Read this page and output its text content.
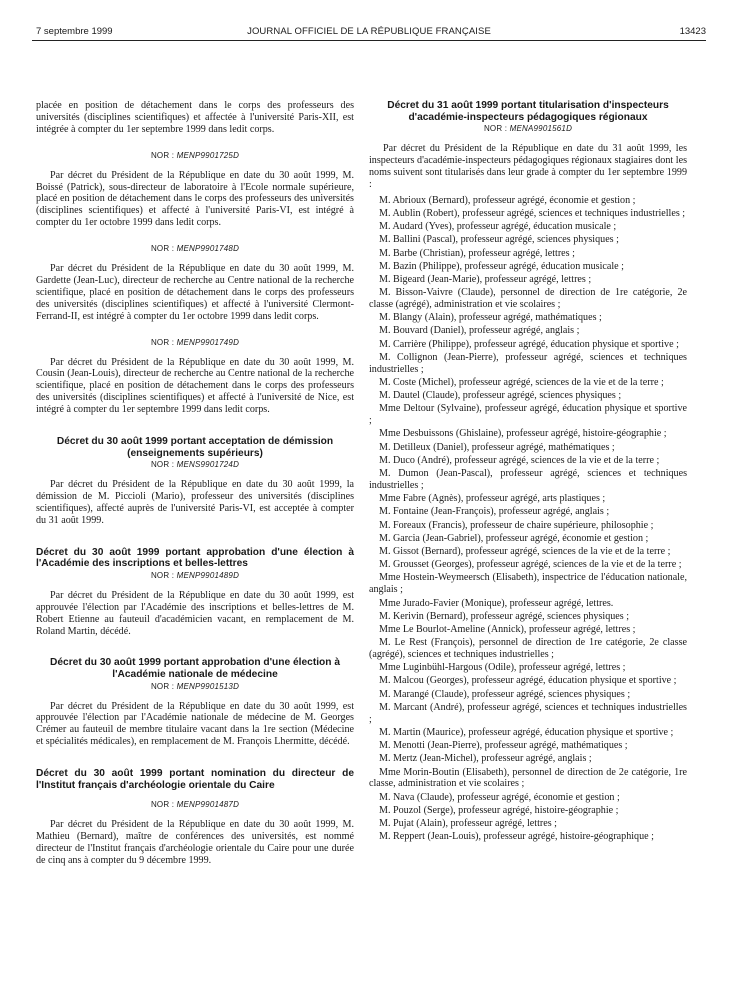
7 septembre 1999	JOURNAL OFFICIEL DE LA RÉPUBLIQUE FRANÇAISE	13423

placée en position de détachement dans le corps des professeurs des universités (disciplines scientifiques) et affectée à l'université Paris-XII, est intégrée à compter du 1er septembre 1999 dans ledit corps.

NOR : MENP9901725D

Par décret du Président de la République en date du 30 août 1999, M. Boissé (Patrick), sous-directeur de laboratoire à l'Ecole normale supérieure, placé en position de détachement dans le corps des professeurs des universités (disciplines scientifiques) et affecté à l'université Paris-VI, est intégré à compter du 1er octobre 1999 dans ledit corps.

NOR : MENP9901748D

Par décret du Président de la République en date du 30 août 1999, M. Gardette (Jean-Luc), directeur de recherche au Centre national de la recherche scientifique, placé en position de détachement dans le corps des professeurs des universités (disciplines scientifiques) et affecté à l'université Clermont-Ferrand-II, est intégré à compter du 1er octobre 1999 dans ledit corps.

NOR : MENP9901749D

Par décret du Président de la République en date du 30 août 1999, M. Cousin (Jean-Louis), directeur de recherche au Centre national de la recherche scientifique, placé en position de détachement dans le corps des professeurs des universités (disciplines scientifiques) et affecté à l'université de Nice, est intégré à compter du 1er septembre 1999 dans ledit corps.

Décret du 30 août 1999 portant acceptation de démission (enseignements supérieurs)

NOR : MENS9901724D

Par décret du Président de la République en date du 30 août 1999, la démission de M. Piccioli (Mario), professeur des universités (disciplines scientifiques), affecté auprès de l'université Paris-VI, est acceptée à compter du 31 août 1999.

Décret du 30 août 1999 portant approbation d'une élection à l'Académie des inscriptions et belles-lettres

NOR : MENP9901489D

Par décret du Président de la République en date du 30 août 1999, est approuvée l'élection par l'Académie des inscriptions et belles-lettres de M. Robert Etienne au fauteuil d'académicien vacant, en remplacement de M. Roland Martin, décédé.

Décret du 30 août 1999 portant approbation d'une élection à l'Académie nationale de médecine

NOR : MENP9901513D

Par décret du Président de la République en date du 30 août 1999, est approuvée l'élection par l'Académie nationale de médecine de M. Georges Crémer au fauteuil de membre titulaire vacant dans la 1re section (Médecine et spécialités médicales), en remplacement de M. François Lhermitte, décédé.

Décret du 30 août 1999 portant nomination du directeur de l'Institut français d'archéologie orientale du Caire

NOR : MENP9901487D

Par décret du Président de la République en date du 30 août 1999, M. Mathieu (Bernard), maître de conférences des universités, est nommé directeur de l'Institut français d'archéologie orientale du Caire pour une durée de cinq ans à compter du 9 décembre 1999.

Décret du 31 août 1999 portant titularisation d'inspecteurs d'académie-inspecteurs pédagogiques régionaux

NOR : MENA9901561D

Par décret du Président de la République en date du 31 août 1999, les inspecteurs d'académie-inspecteurs pédagogiques régionaux stagiaires dont les noms suivent sont titularisés dans leur grade à compter du 1er septembre 1999 :

M. Abrioux (Bernard), professeur agrégé, économie et gestion ;

M. Aublin (Robert), professeur agrégé, sciences et techniques industrielles ;

M. Audard (Yves), professeur agrégé, éducation musicale ;

M. Ballini (Pascal), professeur agrégé, sciences physiques ;

M. Barbe (Christian), professeur agrégé, lettres ;

M. Bazin (Philippe), professeur agrégé, éducation musicale ;

M. Bigeard (Jean-Marie), professeur agrégé, lettres ;

M. Bisson-Vaivre (Claude), personnel de direction de 1re catégorie, 2e classe (agrégé), administration et vie scolaires ;

M. Blangy (Alain), professeur agrégé, mathématiques ;

M. Bouvard (Daniel), professeur agrégé, anglais ;

M. Carrière (Philippe), professeur agrégé, éducation physique et sportive ;

M. Collignon (Jean-Pierre), professeur agrégé, sciences et techniques industrielles ;

M. Coste (Michel), professeur agrégé, sciences de la vie et de la terre ;

M. Dautel (Claude), professeur agrégé, sciences physiques ;

Mme Deltour (Sylvaine), professeur agrégé, éducation physique et sportive ;

Mme Desbuissons (Ghislaine), professeur agrégé, histoire-géographie ;

M. Detilleux (Daniel), professeur agrégé, mathématiques ;

M. Duco (André), professeur agrégé, sciences de la vie et de la terre ;

M. Dumon (Jean-Pascal), professeur agrégé, sciences et techniques industrielles ;

Mme Fabre (Agnès), professeur agrégé, arts plastiques ;

M. Fontaine (Jean-François), professeur agrégé, anglais ;

M. Foreaux (Francis), professeur de chaire supérieure, philosophie ;

M. Garcia (Jean-Gabriel), professeur agrégé, économie et gestion ;

M. Gissot (Bernard), professeur agrégé, sciences de la vie et de la terre ;

M. Grousset (Georges), professeur agrégé, sciences de la vie et de la terre ;

Mme Hostein-Weymeersch (Elisabeth), inspectrice de l'éducation nationale, anglais ;

Mme Jurado-Favier (Monique), professeur agrégé, lettres.

M. Kerivin (Bernard), professeur agrégé, sciences physiques ;

Mme Le Bourlot-Ameline (Annick), professeur agrégé, lettres ;

M. Le Rest (François), personnel de direction de 1re catégorie, 2e classe (agrégé), sciences et techniques industrielles ;

Mme Luginbühl-Hargous (Odile), professeur agrégé, lettres ;

M. Malcou (Georges), professeur agrégé, éducation physique et sportive ;

M. Marangé (Claude), professeur agrégé, sciences physiques ;

M. Marcant (André), professeur agrégé, sciences et techniques industrielles ;

M. Martin (Maurice), professeur agrégé, éducation physique et sportive ;

M. Menotti (Jean-Pierre), professeur agrégé, mathématiques ;

M. Mertz (Jean-Michel), professeur agrégé, anglais ;

Mme Morin-Boutin (Elisabeth), personnel de direction de 2e catégorie, 1re classe, administration et vie scolaires ;

M. Nava (Claude), professeur agrégé, économie et gestion ;

M. Pouzol (Serge), professeur agrégé, histoire-géographie ;

M. Pujat (Alain), professeur agrégé, lettres ;

M. Reppert (Jean-Louis), professeur agrégé, histoire-géographique ;
